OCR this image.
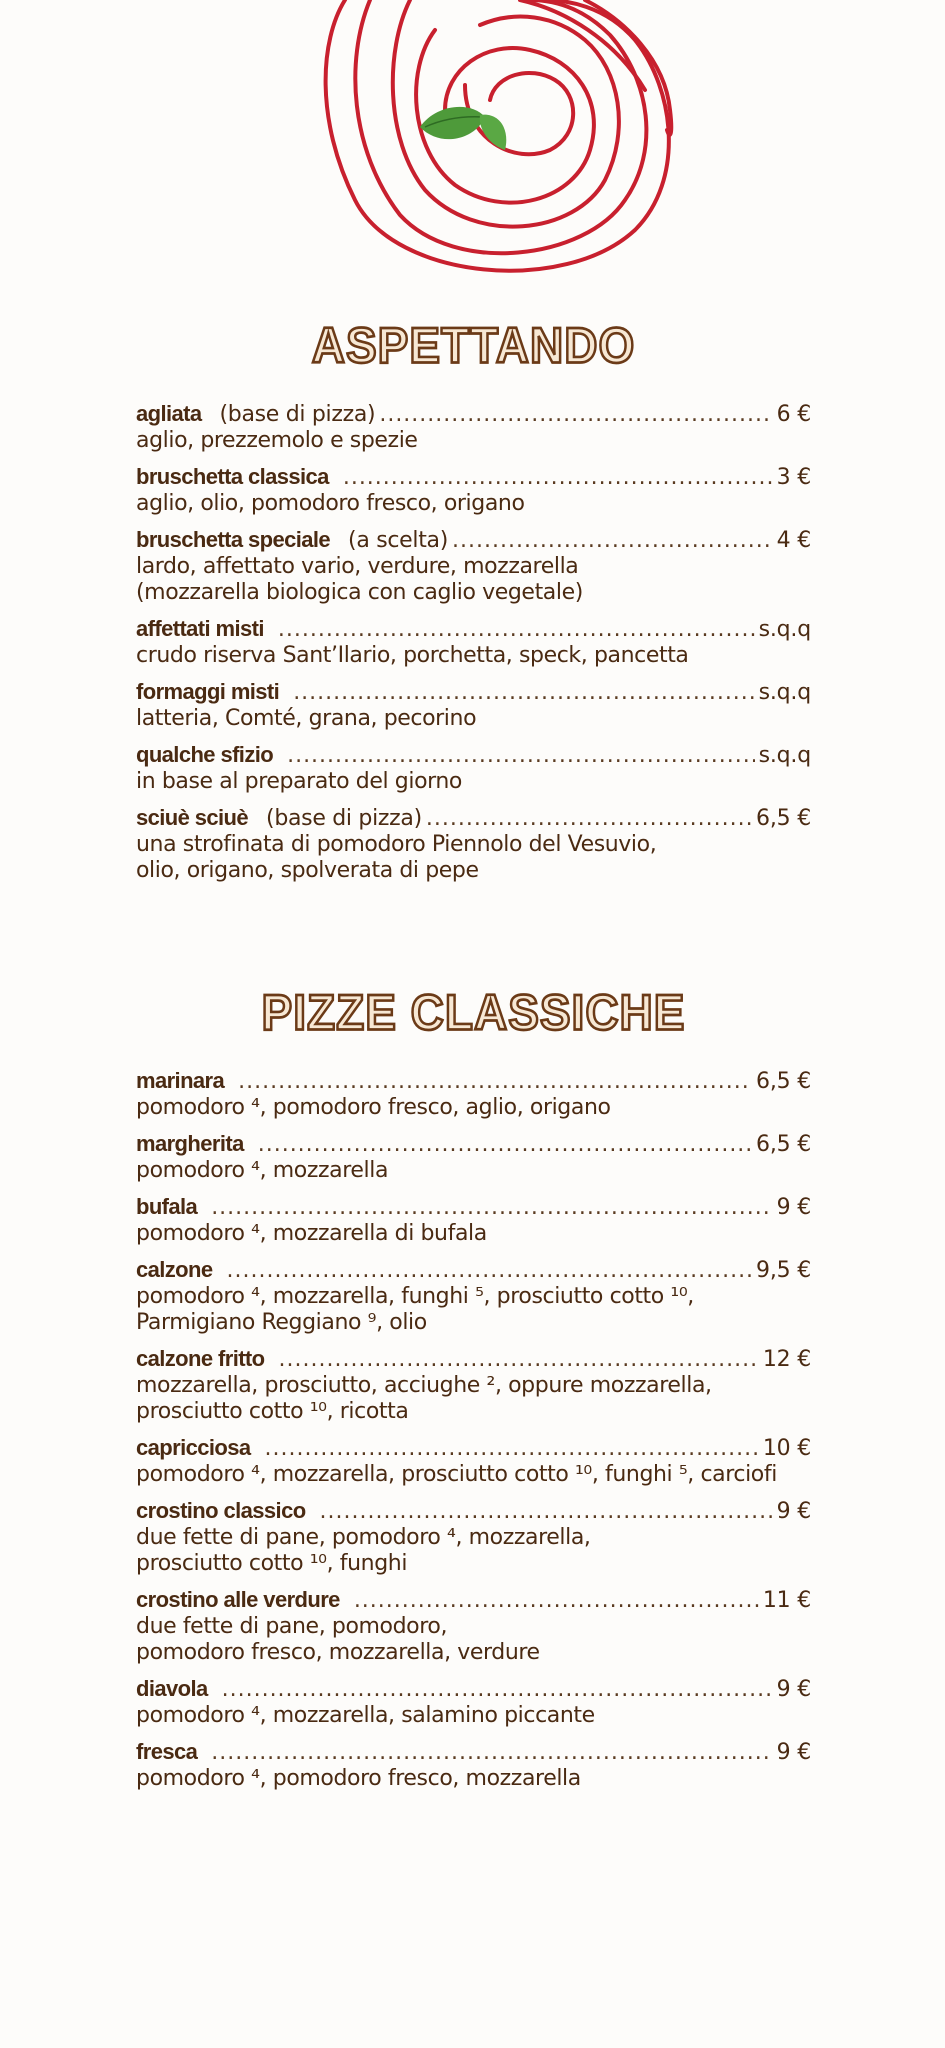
ASPETTANDO
agliata (base di pizza) .....	6 €
aglio, prezzemolo e spezie
bruschetta classica .....	3 €
aglio, olio, pomodoro fresco, origano
bruschetta speciale (a scelta) .....	4 €
lardo, affettato vario, verdure, mozzarella
(mozzarella biologica con caglio vegetale)
affettati misti .....	s.q.q
crudo riserva Sant’Ilario, porchetta, speck, pancetta
formaggi misti .....	s.q.q
latteria, Comté, grana, pecorino
qualche sfizio .....	s.q.q
in base al preparato del giorno
sciuè sciuè (base di pizza) .....	6,5 €
una strofinata di pomodoro Piennolo del Vesuvio,
olio, origano, spolverata di pepe
PIZZE CLASSICHE
marinara .....	6,5 €
pomodoro ⁴, pomodoro fresco, aglio, origano
margherita .....	6,5 €
pomodoro ⁴, mozzarella
bufala .....	9 €
pomodoro ⁴, mozzarella di bufala
calzone .....	9,5 €
pomodoro ⁴, mozzarella, funghi ⁵, prosciutto cotto ¹⁰,
Parmigiano Reggiano ⁹, olio
calzone fritto .....	12 €
mozzarella, prosciutto, acciughe ², oppure mozzarella,
prosciutto cotto ¹⁰, ricotta
capricciosa .....	10 €
pomodoro ⁴, mozzarella, prosciutto cotto ¹⁰, funghi ⁵, carciofi
crostino classico .....	9 €
due fette di pane, pomodoro ⁴, mozzarella,
prosciutto cotto ¹⁰, funghi
crostino alle verdure .....	11 €
due fette di pane, pomodoro,
pomodoro fresco, mozzarella, verdure
diavola .....	9 €
pomodoro ⁴, mozzarella, salamino piccante
fresca .....	9 €
pomodoro ⁴, pomodoro fresco, mozzarella
